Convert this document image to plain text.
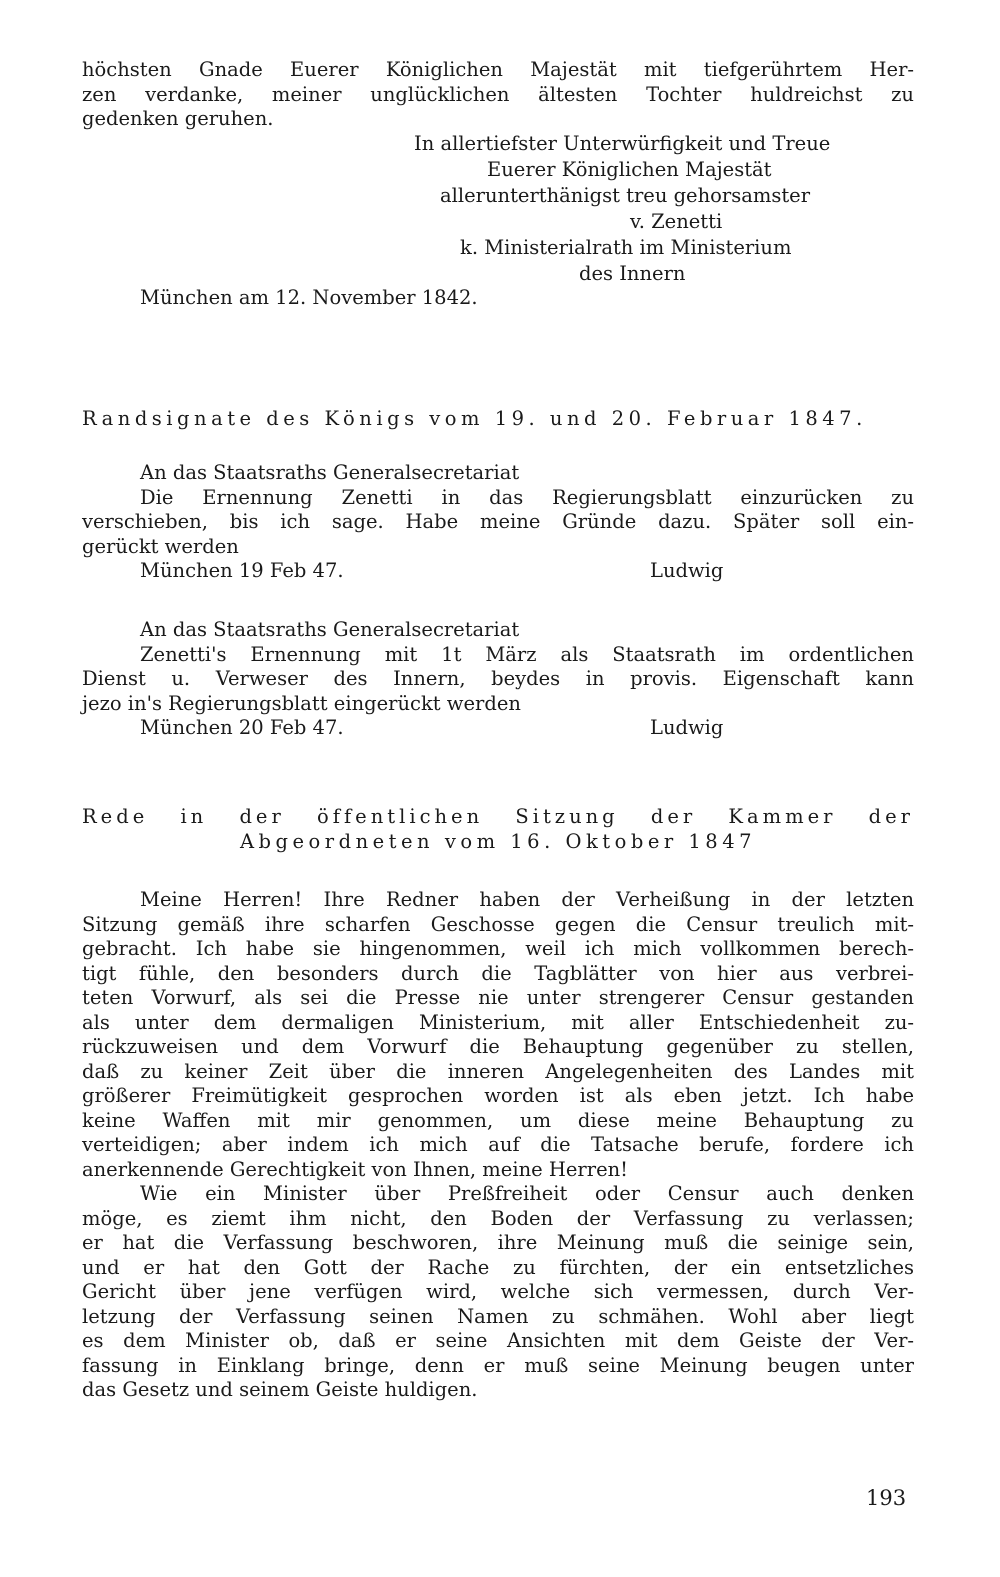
höchsten Gnade Euerer Königlichen Majestät mit tiefgerührtem Her-
zen verdanke, meiner unglücklichen ältesten Tochter huldreichst zu
gedenken geruhen.
In allertiefster Unterwürfigkeit und Treue
Euerer Königlichen Majestät
allerunterthänigst treu gehorsamster
v. Zenetti
k. Ministerialrath im Ministerium
des Innern
München am 12. November 1842.
Randsignate des Königs vom 19. und 20. Februar 1847.
An das Staatsraths Generalsecretariat
Die Ernennung Zenetti in das Regierungsblatt einzurücken zu
verschieben, bis ich sage. Habe meine Gründe dazu. Später soll ein-
gerückt werden
München 19 Feb 47.	Ludwig
An das Staatsraths Generalsecretariat
Zenetti's Ernennung mit 1t März als Staatsrath im ordentlichen
Dienst u. Verweser des Innern, beydes in provis. Eigenschaft kann
jezo in's Regierungsblatt eingerückt werden
München 20 Feb 47.	Ludwig
Rede in der öffentlichen Sitzung der Kammer der
Abgeordneten vom 16. Oktober 1847
Meine Herren! Ihre Redner haben der Verheißung in der letzten
Sitzung gemäß ihre scharfen Geschosse gegen die Censur treulich mit-
gebracht. Ich habe sie hingenommen, weil ich mich vollkommen berech-
tigt fühle, den besonders durch die Tagblätter von hier aus verbrei-
teten Vorwurf, als sei die Presse nie unter strengerer Censur gestanden
als unter dem dermaligen Ministerium, mit aller Entschiedenheit zu-
rückzuweisen und dem Vorwurf die Behauptung gegenüber zu stellen,
daß zu keiner Zeit über die inneren Angelegenheiten des Landes mit
größerer Freimütigkeit gesprochen worden ist als eben jetzt. Ich habe
keine Waffen mit mir genommen, um diese meine Behauptung zu
verteidigen; aber indem ich mich auf die Tatsache berufe, fordere ich
anerkennende Gerechtigkeit von Ihnen, meine Herren!
Wie ein Minister über Preßfreiheit oder Censur auch denken
möge, es ziemt ihm nicht, den Boden der Verfassung zu verlassen;
er hat die Verfassung beschworen, ihre Meinung muß die seinige sein,
und er hat den Gott der Rache zu fürchten, der ein entsetzliches
Gericht über jene verfügen wird, welche sich vermessen, durch Ver-
letzung der Verfassung seinen Namen zu schmähen. Wohl aber liegt
es dem Minister ob, daß er seine Ansichten mit dem Geiste der Ver-
fassung in Einklang bringe, denn er muß seine Meinung beugen unter
das Gesetz und seinem Geiste huldigen.
193
